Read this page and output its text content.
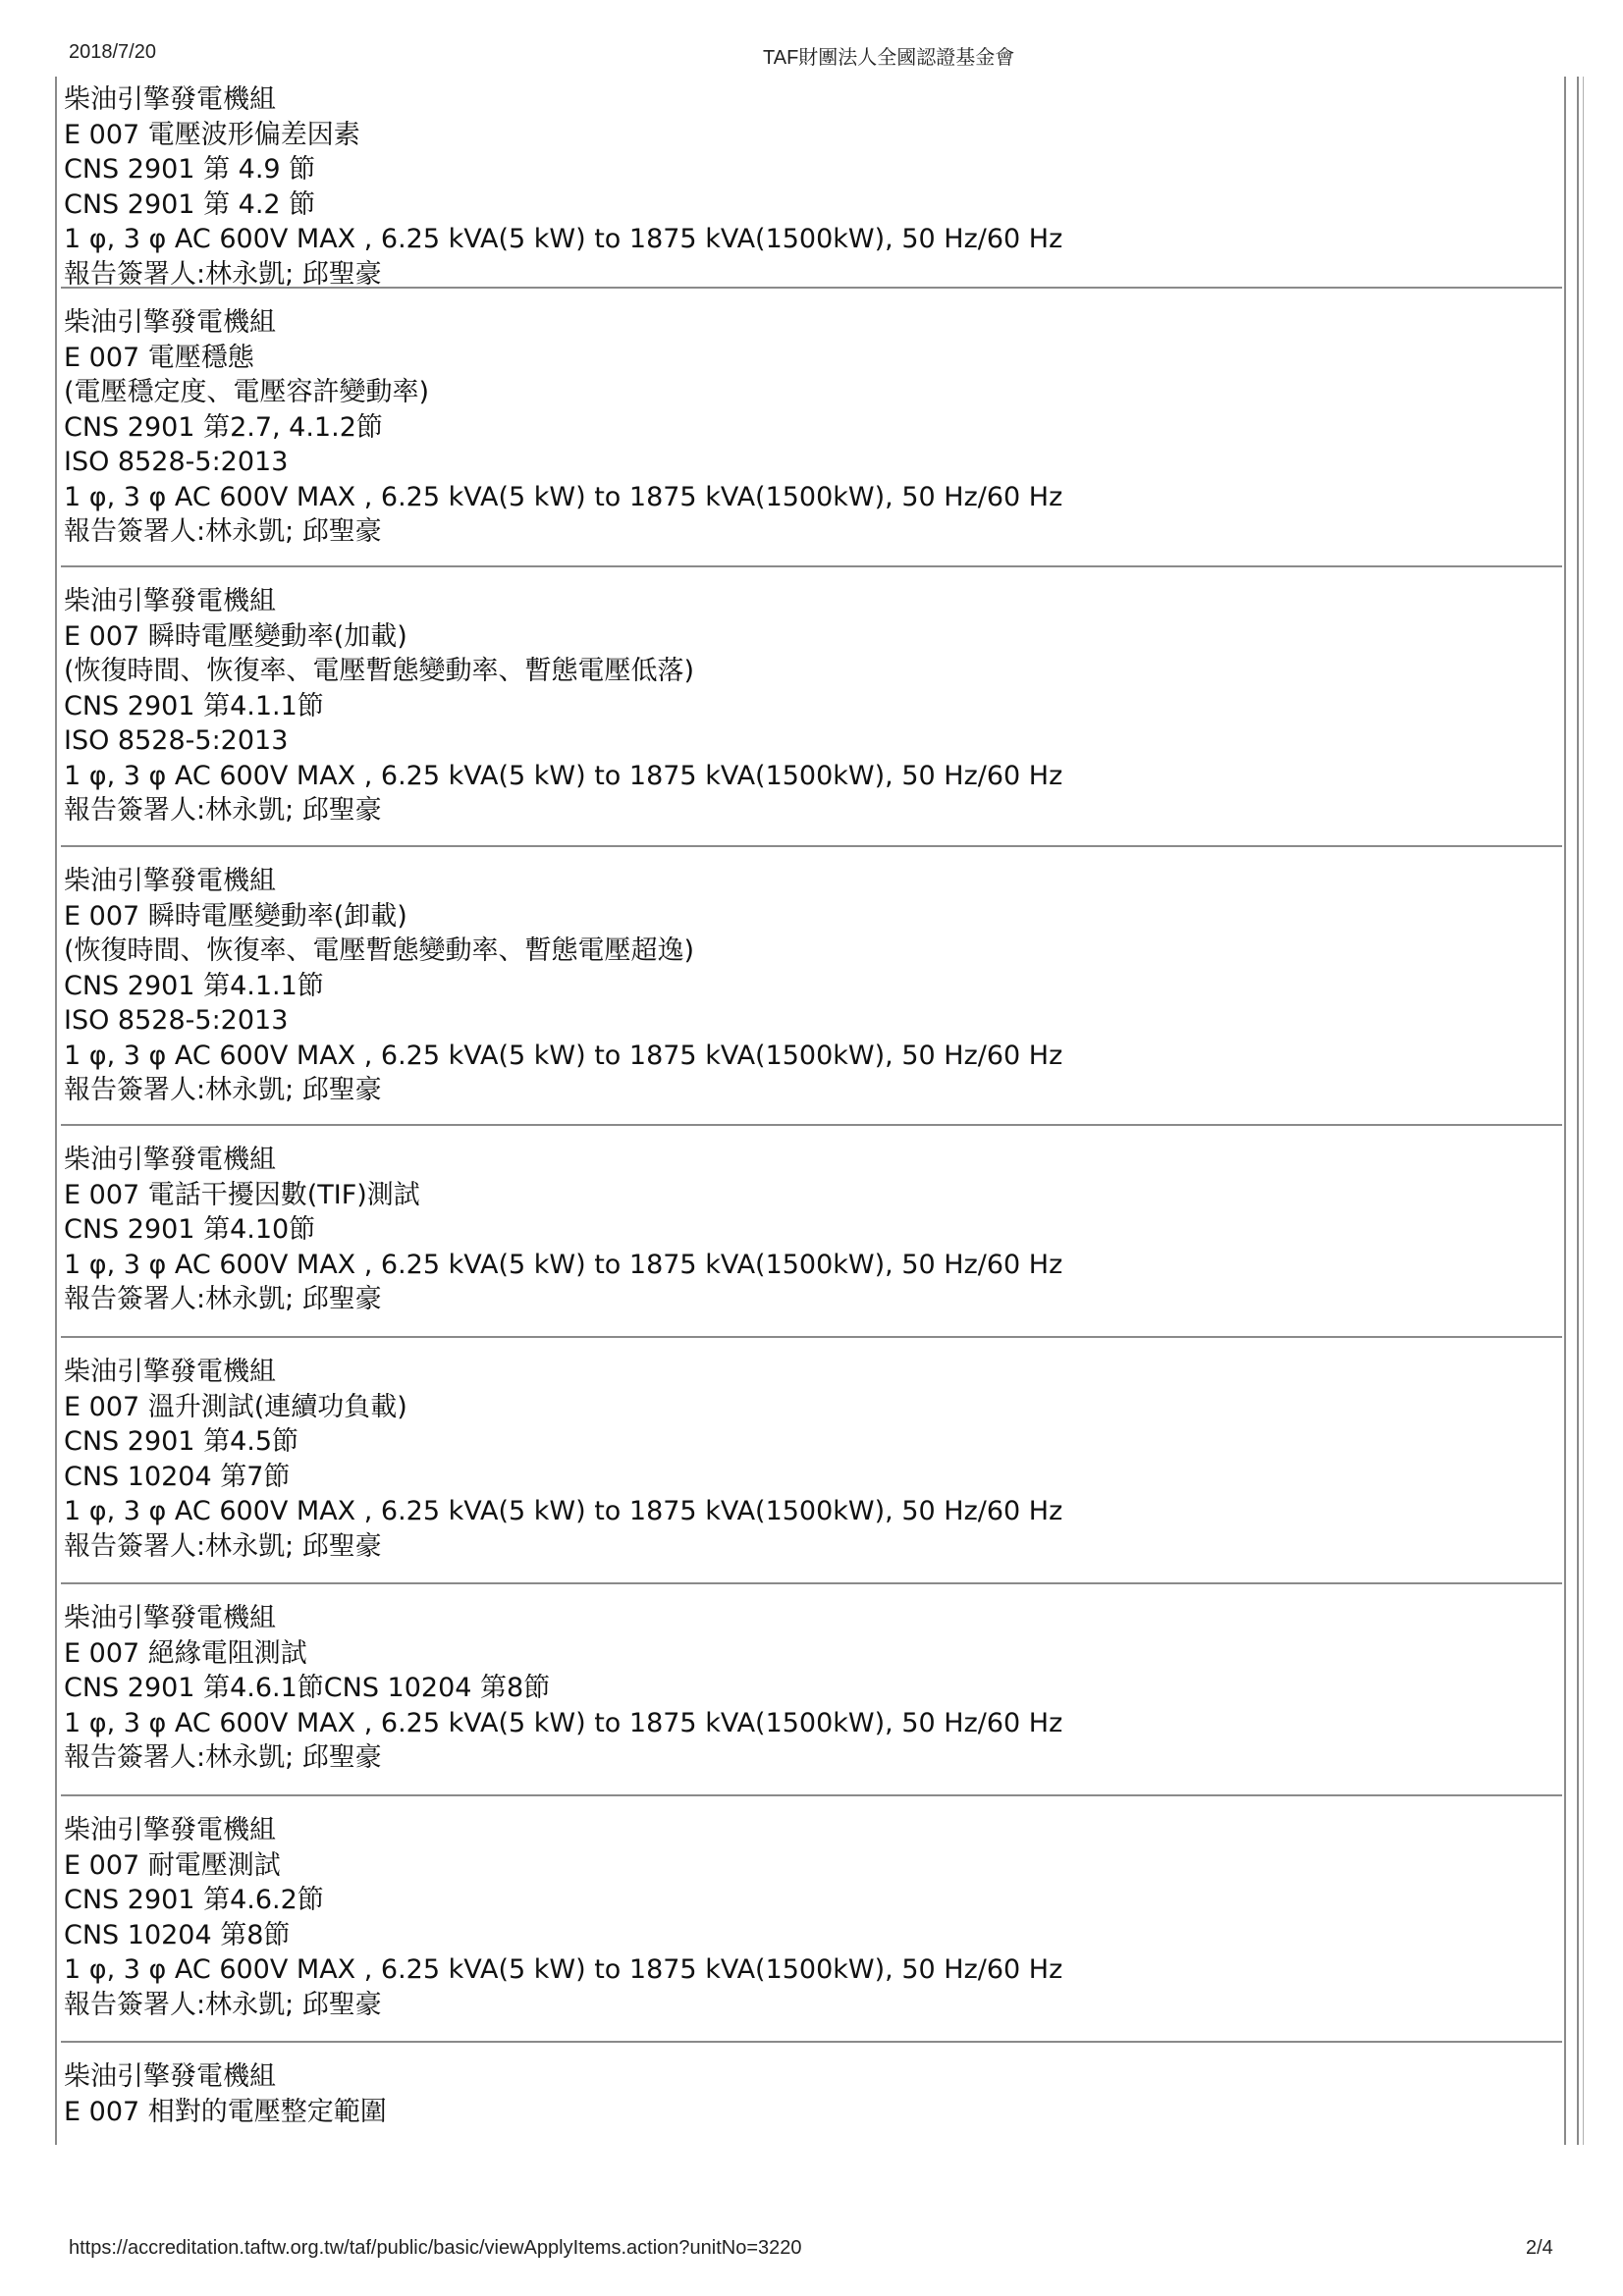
2018/7/20	TAF財團法人全國認證基金會
柴油引擎發電機組
E 007 電壓波形偏差因素
CNS 2901 第 4.9 節
CNS 2901 第 4.2 節
1 φ, 3 φ AC 600V MAX , 6.25 kVA(5 kW) to 1875 kVA(1500kW), 50 Hz/60 Hz
報告簽署人:林永凱; 邱聖豪
柴油引擎發電機組
E 007 電壓穩態
(電壓穩定度、電壓容許變動率)
CNS 2901 第2.7, 4.1.2節
ISO 8528-5:2013
1 φ, 3 φ AC 600V MAX , 6.25 kVA(5 kW) to 1875 kVA(1500kW), 50 Hz/60 Hz
報告簽署人:林永凱; 邱聖豪
柴油引擎發電機組
E 007 瞬時電壓變動率(加載)
(恢復時間、恢復率、電壓暫態變動率、暫態電壓低落)
CNS 2901 第4.1.1節
ISO 8528-5:2013
1 φ, 3 φ AC 600V MAX , 6.25 kVA(5 kW) to 1875 kVA(1500kW), 50 Hz/60 Hz
報告簽署人:林永凱; 邱聖豪
柴油引擎發電機組
E 007 瞬時電壓變動率(卸載)
(恢復時間、恢復率、電壓暫態變動率、暫態電壓超逸)
CNS 2901 第4.1.1節
ISO 8528-5:2013
1 φ, 3 φ AC 600V MAX , 6.25 kVA(5 kW) to 1875 kVA(1500kW), 50 Hz/60 Hz
報告簽署人:林永凱; 邱聖豪
柴油引擎發電機組
E 007 電話干擾因數(TIF)測試
CNS 2901 第4.10節
1 φ, 3 φ AC 600V MAX , 6.25 kVA(5 kW) to 1875 kVA(1500kW), 50 Hz/60 Hz
報告簽署人:林永凱; 邱聖豪
柴油引擎發電機組
E 007 溫升測試(連續功負載)
CNS 2901 第4.5節
CNS 10204 第7節
1 φ, 3 φ AC 600V MAX , 6.25 kVA(5 kW) to 1875 kVA(1500kW), 50 Hz/60 Hz
報告簽署人:林永凱; 邱聖豪
柴油引擎發電機組
E 007 絕緣電阻測試
CNS 2901 第4.6.1節CNS 10204 第8節
1 φ, 3 φ AC 600V MAX , 6.25 kVA(5 kW) to 1875 kVA(1500kW), 50 Hz/60 Hz
報告簽署人:林永凱; 邱聖豪
柴油引擎發電機組
E 007 耐電壓測試
CNS 2901 第4.6.2節
CNS 10204 第8節
1 φ, 3 φ AC 600V MAX , 6.25 kVA(5 kW) to 1875 kVA(1500kW), 50 Hz/60 Hz
報告簽署人:林永凱; 邱聖豪
柴油引擎發電機組
E 007 相對的電壓整定範圍
https://accreditation.taftw.org.tw/taf/public/basic/viewApplyItems.action?unitNo=3220	2/4
